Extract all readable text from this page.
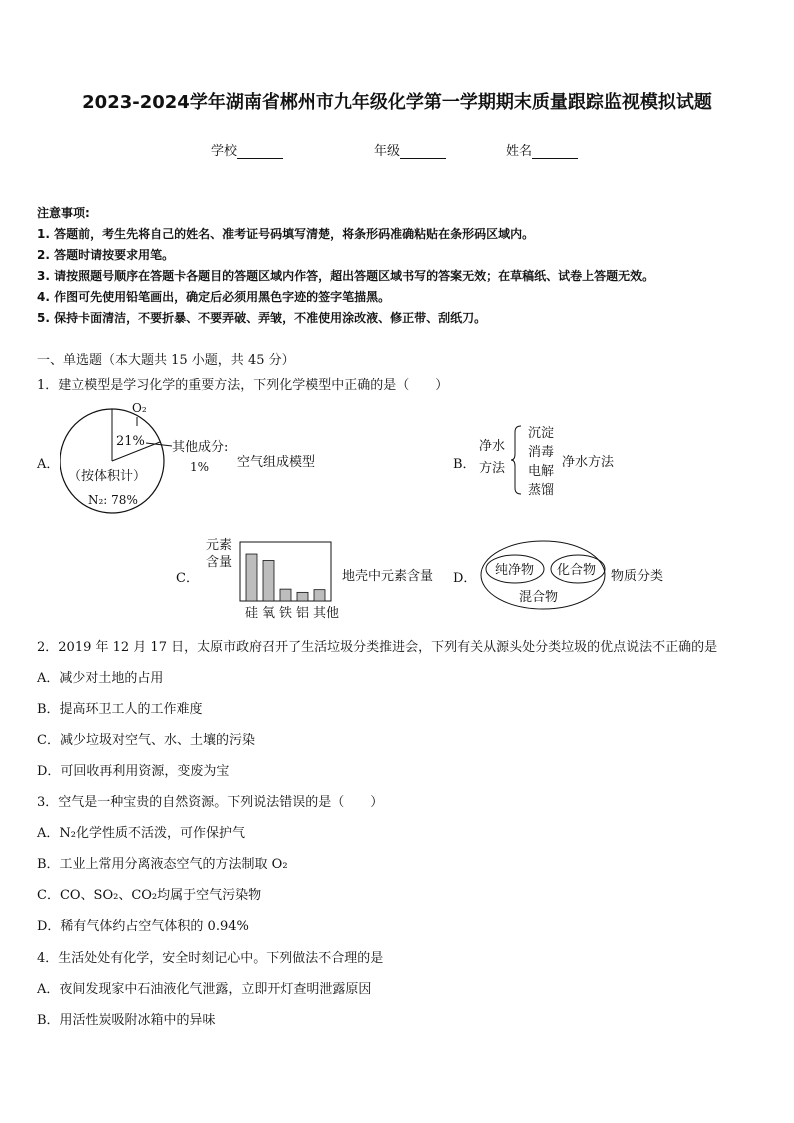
2023-2024学年湖南省郴州市九年级化学第一学期期末质量跟踪监视模拟试题
学校	年级	姓名
注意事项:
1. 答题前，考生先将自己的姓名、准考证号码填写清楚，将条形码准确粘贴在条形码区域内。
2. 答题时请按要求用笔。
3. 请按照题号顺序在答题卡各题目的答题区域内作答，超出答题区域书写的答案无效；在草稿纸、试卷上答题无效。
4. 作图可先使用铅笔画出，确定后必须用黑色字迹的签字笔描黑。
5. 保持卡面清洁，不要折暴、不要弄破、弄皱，不准使用涂改液、修正带、刮纸刀。
一、单选题（本大题共 15 小题，共 45 分）
1．建立模型是学习化学的重要方法，下列化学模型中正确的是（　　）
A．
O₂
21% 其他成分:
1%
（按体积计）
N₂: 78%
空气组成模型	B．
净水
方法
沉淀
消毒
电解
蒸馏
净水方法
C．
元素
含量
硅 氧 铁 铝 其他
地壳中元素含量 D．
纯净物 化合物
混合物
物质分类
2．2019 年 12 月 17 日，太原市政府召开了生活垃圾分类推进会，下列有关从源头处分类垃圾的优点说法不正确的是
A．减少对土地的占用
B．提高环卫工人的工作难度
C．减少垃圾对空气、水、土壤的污染
D．可回收再利用资源，变废为宝
3．空气是一种宝贵的自然资源。下列说法错误的是（　　）
A．N₂化学性质不活泼，可作保护气
B．工业上常用分离液态空气的方法制取 O₂
C．CO、SO₂、CO₂均属于空气污染物
D．稀有气体约占空气体积的 0.94%
4．生活处处有化学，安全时刻记心中。下列做法不合理的是
A．夜间发现家中石油液化气泄露，立即开灯查明泄露原因
B．用活性炭吸附冰箱中的异味
